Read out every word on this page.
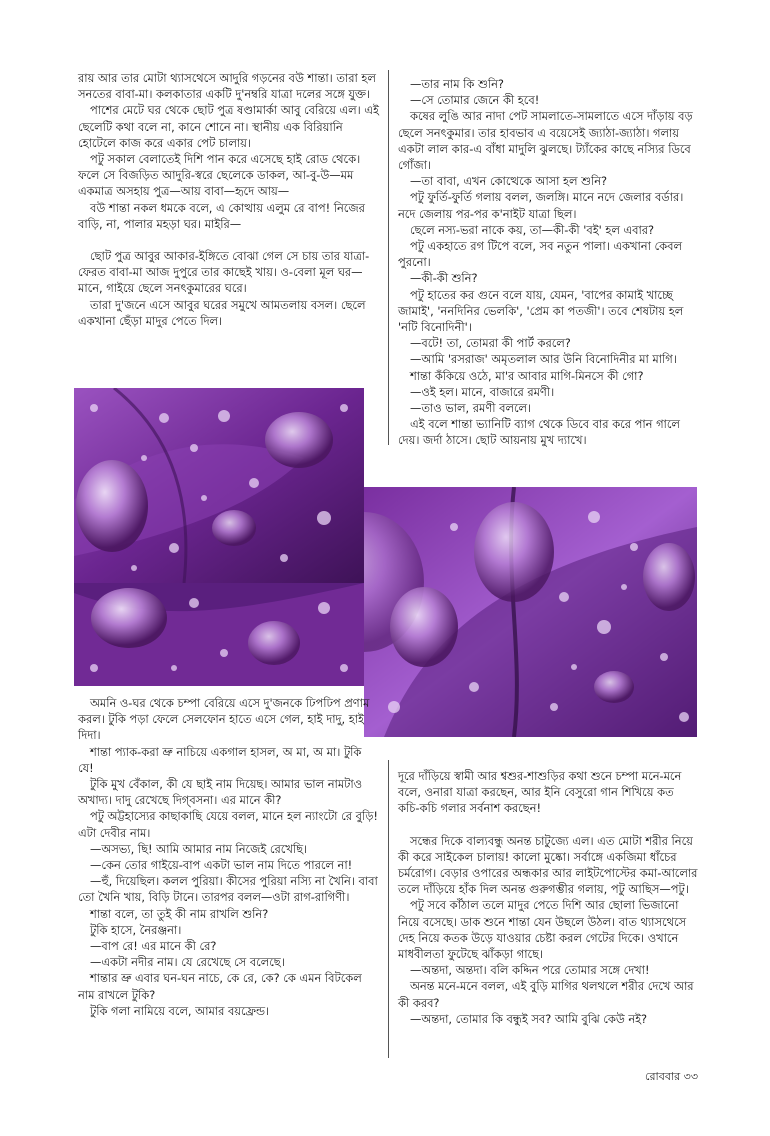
রায় আর তার মোটা থ্যাসথেসে আদুরি গড়নের বউ শান্তা। তারা হল সনতের বাবা-মা। কলকাতার একটি দু'নম্বরি যাত্রা দলের সঙ্গে যুক্ত।

পাশের মেটে ঘর থেকে ছোট পুত্র ষণ্ডামার্কা আবু বেরিয়ে এল। এই ছেলেটি কথা বলে না, কানে শোনে না। স্থানীয় এক বিরিয়ানি হোটেলে কাজ করে একার পেট চালায়।

পটু সকাল বেলাতেই দিশি পান করে এসেছে হাই রোড থেকে। ফলে সে বিজড়িত আদুরি-স্বরে ছেলেকে ডাকল, আ-বু-উ—মম একমাত্র অসহায় পুত্র—আয় বাবা—হৃদে আয়—

বউ শান্তা নকল ধমকে বলে, এ কোত্থায় এলুম রে বাপ! নিজের বাড়ি, না, পালার মহড়া ঘর। মাইরি—

ছোট পুত্র আবুর আকার-ইঙ্গিতে বোঝা গেল সে চায় তার যাত্রা-ফেরত বাবা-মা আজ দুপুরে তার কাছেই খায়। ও-বেলা মূল ঘর—মানে, গাইয়ে ছেলে সনৎকুমারের ঘরে।

তারা দু'জনে এসে আবুর ঘরের সমুখে আমতলায় বসল। ছেলে একখানা ছেঁড়া মাদুর পেতে দিল।

—তার নাম কি শুনি?

—সে তোমার জেনে কী হবে!

কষের লুঙি আর নাদা পেট সামলাতে-সামলাতে এসে দাঁড়ায় বড় ছেলে সনৎকুমার। তার হাবভাব এ বয়েসেই জ্যাঠা-জ্যাঠা। গলায় একটা লাল কার-এ বাঁধা মাদুলি ঝুলছে। ট্যাঁকের কাছে নস্যির ডিবে গোঁজা।

—তা বাবা, এখন কোত্থেকে আসা হল শুনি?

পটু ফুর্তি-ফুর্তি গলায় বলল, জলঙ্গি। মানে নদে জেলার বর্ডার। নদে জেলায় পর-পর ক'নাইট যাত্রা ছিল।

ছেলে নস্য-ভরা নাকে কয়, তা—কী-কী 'বই' হল এবার?

পটু একহাতে রগ টিপে বলে, সব নতুন পালা। একখানা কেবল পুরনো।

—কী-কী শুনি?

পটু হাতের কর গুনে বলে যায়, যেমন, 'বাপের কামাই খাচ্ছে জামাই', 'ননদিনির ভেলকি', 'প্রেম কা পতজী'। তবে শেষটায় হল 'নটি বিনোদিনী'।

—বটে! তা, তোমরা কী পার্ট করলে?

—আমি 'রসরাজ' অমৃতলাল আর উনি বিনোদিনীর মা মাগি।

শান্তা কঁকিয়ে ওঠে, মা'র আবার মাগি-মিনসে কী গো?

—ওই হল। মানে, বাজারে রমণী।

—তাও ভাল, রমণী বললে।

এই বলে শান্তা ভ্যানিটি ব্যাগ থেকে ডিবে বার করে পান গালে দেয়। জর্দা ঠাসে। ছোট আয়নায় মুখ দ্যাখে।

অমনি ও-ঘর থেকে চম্পা বেরিয়ে এসে দু'জনকে ঢিপঢিপ প্রণাম করল। টুকি পড়া ফেলে সেলফোন হাতে এসে গেল, হাই দাদু, হাই দিদা।

শান্তা প্যাক-করা ভ্রু নাচিয়ে একগাল হাসল, অ মা, অ মা। টুকি যে!

টুকি মুখ বেঁকাল, কী যে ছাই নাম দিয়েছ। আমার ভাল নামটাও অখাদ্য। দাদু রেখেছে দিগ্‌বসনা। এর মানে কী?

পটু অট্টহাস্যের কাছাকাছি যেয়ে বলল, মানে হল ন্যাংটো রে বুড়ি! এটা দেবীর নাম।

—অসভ্য, ছি! আমি আমার নাম নিজেই রেখেছি।

—কেন তোর গাইয়ে-বাপ একটা ভাল নাম দিতে পারলে না!

—হুঁ, দিয়েছিল। কলল পুরিয়া। কীসের পুরিয়া নস্যি না খৈনি। বাবা তো খৈনি খায়, বিড়ি টানে। তারপর বলল—ওটা রাগ-রাগিণী।

শান্তা বলে, তা তুই কী নাম রাখলি শুনি?

টুকি হাসে, নৈরঞ্জনা।

—বাপ রে! এর মানে কী রে?

—একটা নদীর নাম। যে রেখেছে সে বলেছে।

শান্তার ভ্রু এবার ঘন-ঘন নাচে, কে রে, কে? কে এমন বিটকেল নাম রাখলে টুকি?

টুকি গলা নামিয়ে বলে, আমার বয়ফ্রেন্ড।

দূরে দাঁড়িয়ে স্বামী আর শ্বশুর-শাশুড়ির কথা শুনে চম্পা মনে-মনে বলে, ওনারা যাত্রা করছেন, আর ইনি বেসুরো গান শিখিয়ে কত কচি-কচি গলার সর্বনাশ করছেন!

সন্ধের দিকে বাল্যবন্ধু অনন্ত চাটুজ্যে এল। এত মোটা শরীর নিয়ে কী করে সাইকেল চালায়! কালো মুষ্কো। সর্বাঙ্গে একজিমা ধাঁচের চর্মরোগ। বেড়ার ওপারের অন্ধকার আর লাইটপোস্টের কমা-আলোর তলে দাঁড়িয়ে হাঁক দিল অনন্ত গুরুগম্ভীর গলায়, পটু আছিস—পটু।

পটু সবে কাঁঠাল তলে মাদুর পেতে দিশি আর ছোলা ভিজানো নিয়ে বসেছে। ডাক শুনে শান্তা যেন উছলে উঠল। বাত থ্যাসথেসে দেহ নিয়ে কতক উড়ে যাওয়ার চেষ্টা করল গেটের দিকে। ওখানে মাধবীলতা ফুটেছে ঝাঁকড়া গাছে।

—অন্তদা, অন্তদা। বলি কদ্দিন পরে তোমার সঙ্গে দেখা!

অনন্ত মনে-মনে বলল, এই বুড়ি মাগির থলথলে শরীর দেখে আর কী করব?

—অন্তদা, তোমার কি বন্ধুই সব? আমি বুঝি কেউ নই?

রোববার ৩৩
